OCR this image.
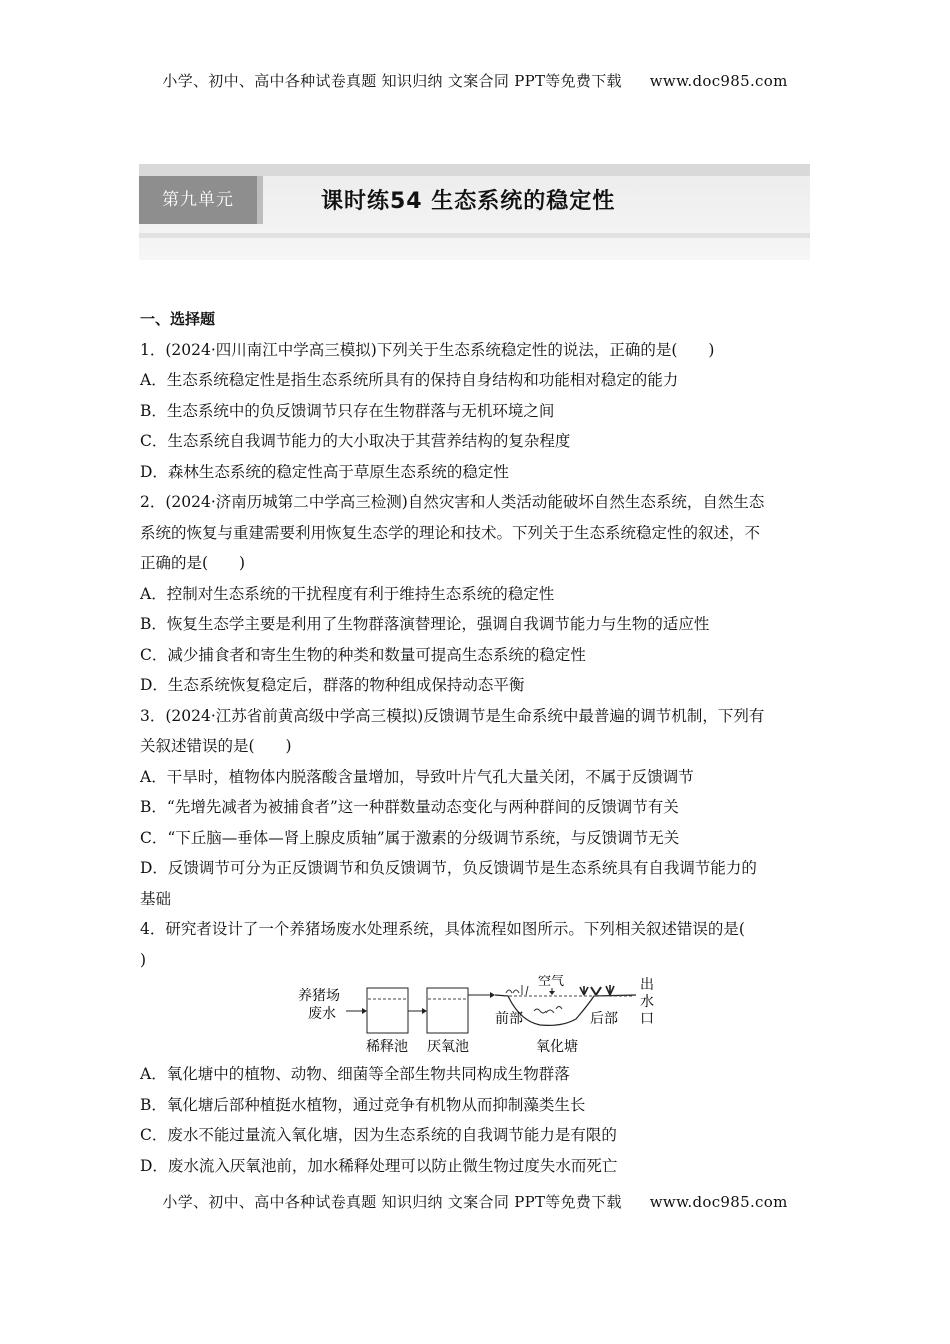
小学、初中、高中各种试卷真题 知识归纳 文案合同 PPT等免费下载 www.doc985.com
第九单元	课时练54 生态系统的稳定性
一、选择题
1．(2024·四川南江中学高三模拟)下列关于生态系统稳定性的说法，正确的是(　　)
A．生态系统稳定性是指生态系统所具有的保持自身结构和功能相对稳定的能力
B．生态系统中的负反馈调节只存在生物群落与无机环境之间
C．生态系统自我调节能力的大小取决于其营养结构的复杂程度
D．森林生态系统的稳定性高于草原生态系统的稳定性
2．(2024·济南历城第二中学高三检测)自然灾害和人类活动能破坏自然生态系统，自然生态
系统的恢复与重建需要利用恢复生态学的理论和技术。下列关于生态系统稳定性的叙述，不
正确的是(　　)
A．控制对生态系统的干扰程度有利于维持生态系统的稳定性
B．恢复生态学主要是利用了生物群落演替理论，强调自我调节能力与生物的适应性
C．减少捕食者和寄生生物的种类和数量可提高生态系统的稳定性
D．生态系统恢复稳定后，群落的物种组成保持动态平衡
3．(2024·江苏省前黄高级中学高三模拟)反馈调节是生命系统中最普遍的调节机制，下列有
关叙述错误的是(　　)
A．干旱时，植物体内脱落酸含量增加，导致叶片气孔大量关闭，不属于反馈调节
B．“先增先减者为被捕食者”这一种群数量动态变化与两种群间的反馈调节有关
C．“下丘脑—垂体—肾上腺皮质轴”属于激素的分级调节系统，与反馈调节无关
D．反馈调节可分为正反馈调节和负反馈调节，负反馈调节是生态系统具有自我调节能力的
基础
4．研究者设计了一个养猪场废水处理系统，具体流程如图所示。下列相关叙述错误的是(
)
养猪场
废水
稀释池 厌氧池
空气
前部	后部
氧化塘
出
水
口
A．氧化塘中的植物、动物、细菌等全部生物共同构成生物群落
B．氧化塘后部种植挺水植物，通过竞争有机物从而抑制藻类生长
C．废水不能过量流入氧化塘，因为生态系统的自我调节能力是有限的
D．废水流入厌氧池前，加水稀释处理可以防止微生物过度失水而死亡
小学、初中、高中各种试卷真题 知识归纳 文案合同 PPT等免费下载 www.doc985.com
